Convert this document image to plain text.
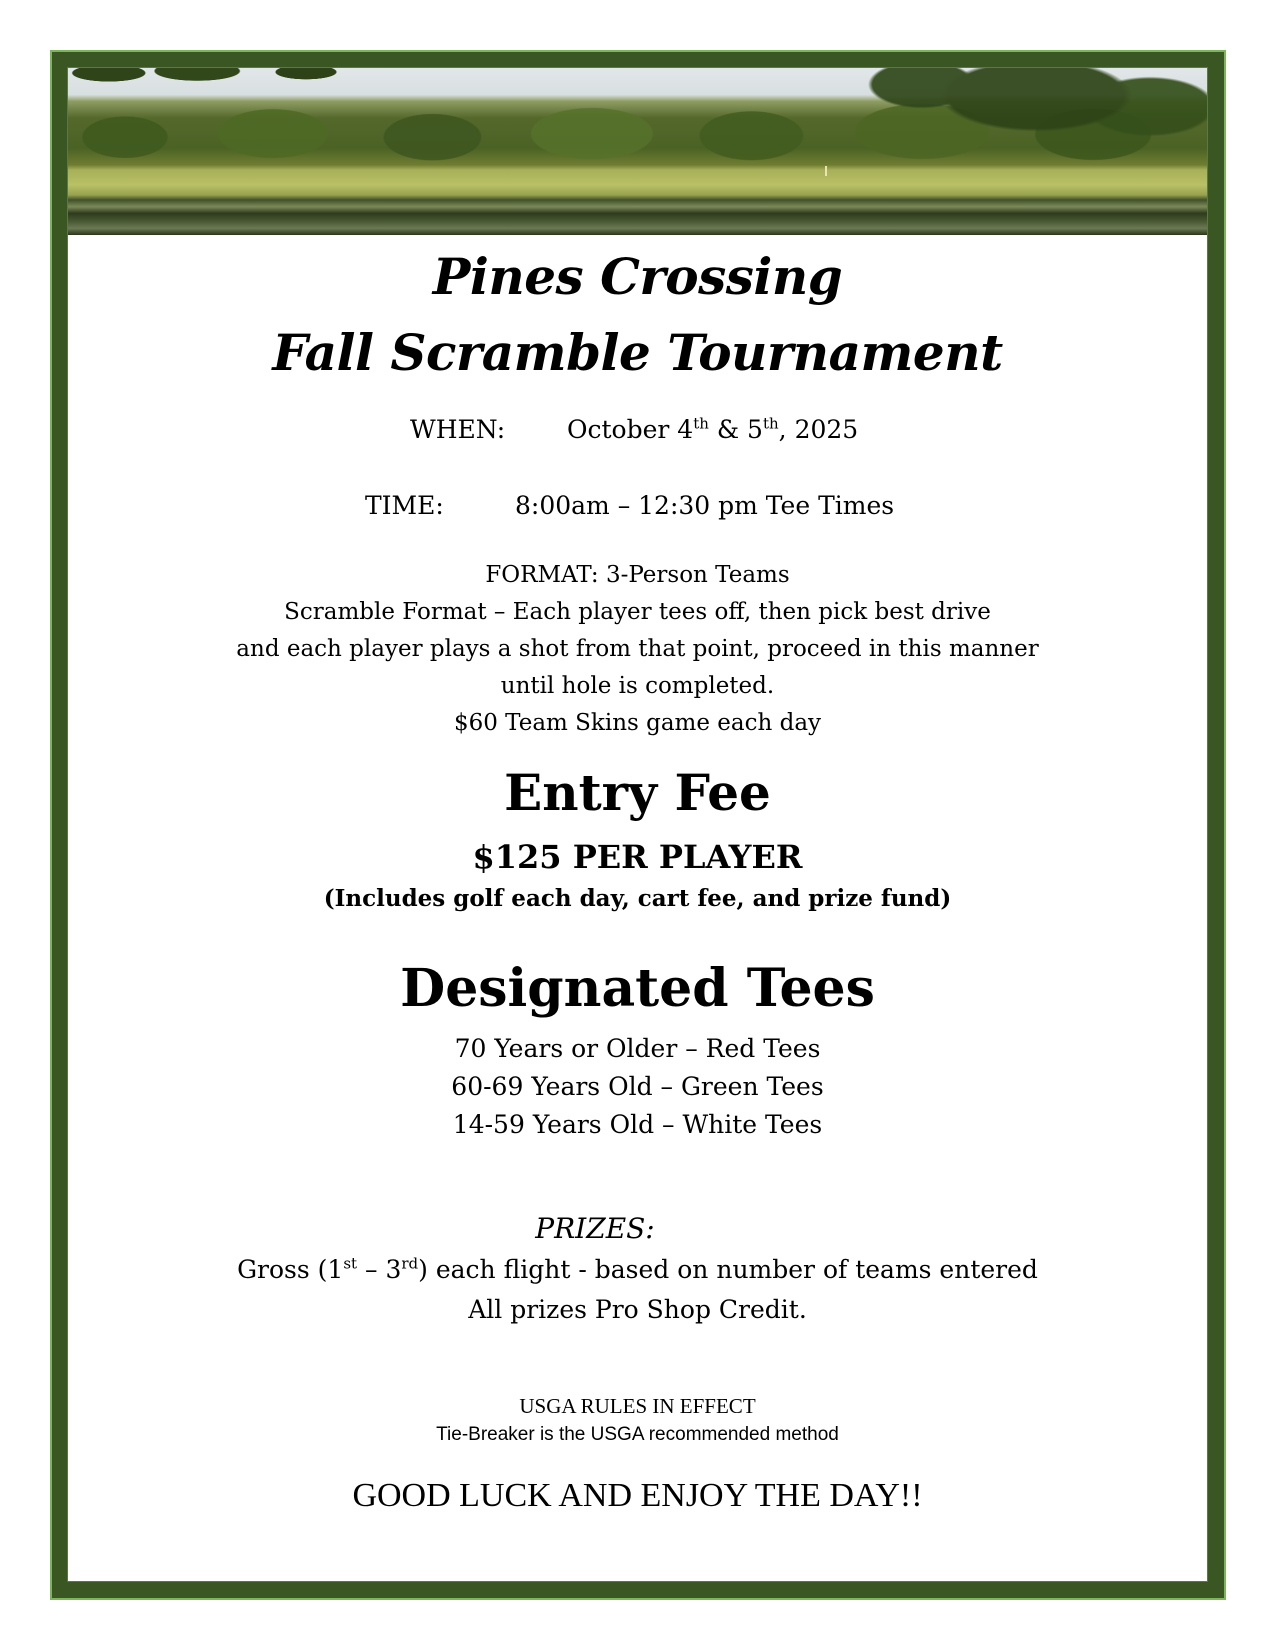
Pines Crossing
Fall Scramble Tournament
WHEN: October 4th & 5th, 2025
TIME:	8:00am – 12:30 pm Tee Times
FORMAT: 3-Person Teams
Scramble Format – Each player tees off, then pick best drive
and each player plays a shot from that point, proceed in this manner
until hole is completed.
$60 Team Skins game each day
Entry Fee
$125 PER PLAYER
(Includes golf each day, cart fee, and prize fund)
Designated Tees
70 Years or Older – Red Tees
60-69 Years Old – Green Tees
14-59 Years Old – White Tees
PRIZES:
Gross (1st – 3rd) each flight - based on number of teams entered
All prizes Pro Shop Credit.
USGA RULES IN EFFECT
Tie-Breaker is the USGA recommended method
GOOD LUCK AND ENJOY THE DAY!!
